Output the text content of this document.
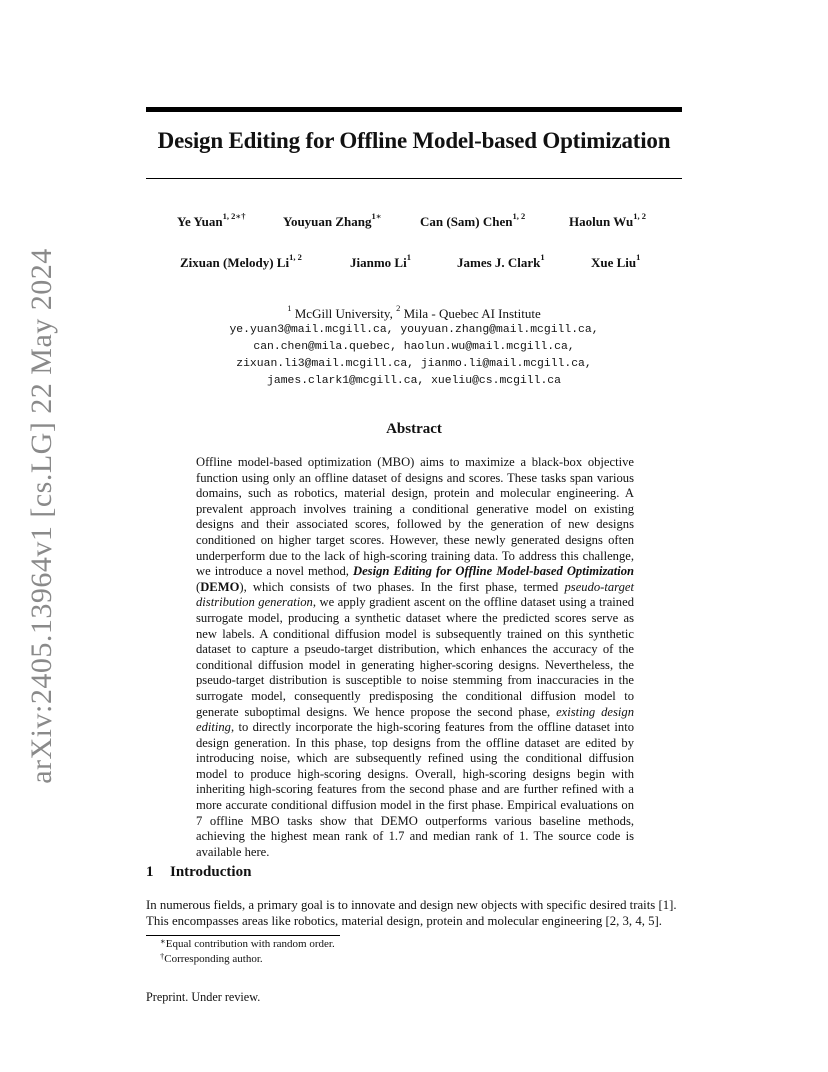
arXiv:2405.13964v1 [cs.LG] 22 May 2024
Design Editing for Offline Model-based Optimization
Ye Yuan$^{1, 2∗\dagger}$	Youyuan Zhang$^{1∗}$	Can (Sam) Chen$^{1, 2}$	Haolun Wu$^{1, 2}$
Zixuan (Melody) Li$^{1, 2}$	Jianmo Li$^1$	James J. Clark$^1$	Xue Liu$^1$
$^1$ McGill University, $^2$ Mila - Quebec AI Institute
ye.yuan3@mail.mcgill.ca, youyuan.zhang@mail.mcgill.ca,
can.chen@mila.quebec, haolun.wu@mail.mcgill.ca,
zixuan.li3@mail.mcgill.ca, jianmo.li@mail.mcgill.ca,
james.clark1@mcgill.ca, xueliu@cs.mcgill.ca
Abstract
Offline model-based optimization (MBO) aims to maximize a black-box objective function using only an offline dataset of designs and scores. These tasks span various domains, such as robotics, material design, protein and molecular engineering. A prevalent approach involves training a conditional generative model on existing designs and their associated scores, followed by the generation of new designs conditioned on higher target scores. However, these newly generated designs often underperform due to the lack of high-scoring training data. To address this challenge, we introduce a novel method, Design Editing for Offline Model-based Optimization (DEMO), which consists of two phases. In the first phase, termed pseudo-target distribution generation, we apply gradient ascent on the offline dataset using a trained surrogate model, producing a synthetic dataset where the predicted scores serve as new labels. A conditional diffusion model is subsequently trained on this synthetic dataset to capture a pseudo-target distribution, which enhances the accuracy of the conditional diffusion model in generating higher-scoring designs. Nevertheless, the pseudo-target distribution is susceptible to noise stemming from inaccuracies in the surrogate model, consequently predisposing the conditional diffusion model to generate suboptimal designs. We hence propose the second phase, existing design editing, to directly incorporate the high-scoring features from the offline dataset into design generation. In this phase, top designs from the offline dataset are edited by introducing noise, which are subsequently refined using the conditional diffusion model to produce high-scoring designs. Overall, high-scoring designs begin with inheriting high-scoring features from the second phase and are further refined with a more accurate conditional diffusion model in the first phase. Empirical evaluations on 7 offline MBO tasks show that DEMO outperforms various baseline methods, achieving the highest mean rank of 1.7 and median rank of 1. The source code is available here.
1 Introduction
In numerous fields, a primary goal is to innovate and design new objects with specific desired traits [1]. This encompasses areas like robotics, material design, protein and molecular engineering [2, 3, 4, 5].
∗Equal contribution with random order.
†Corresponding author.
Preprint. Under review.
